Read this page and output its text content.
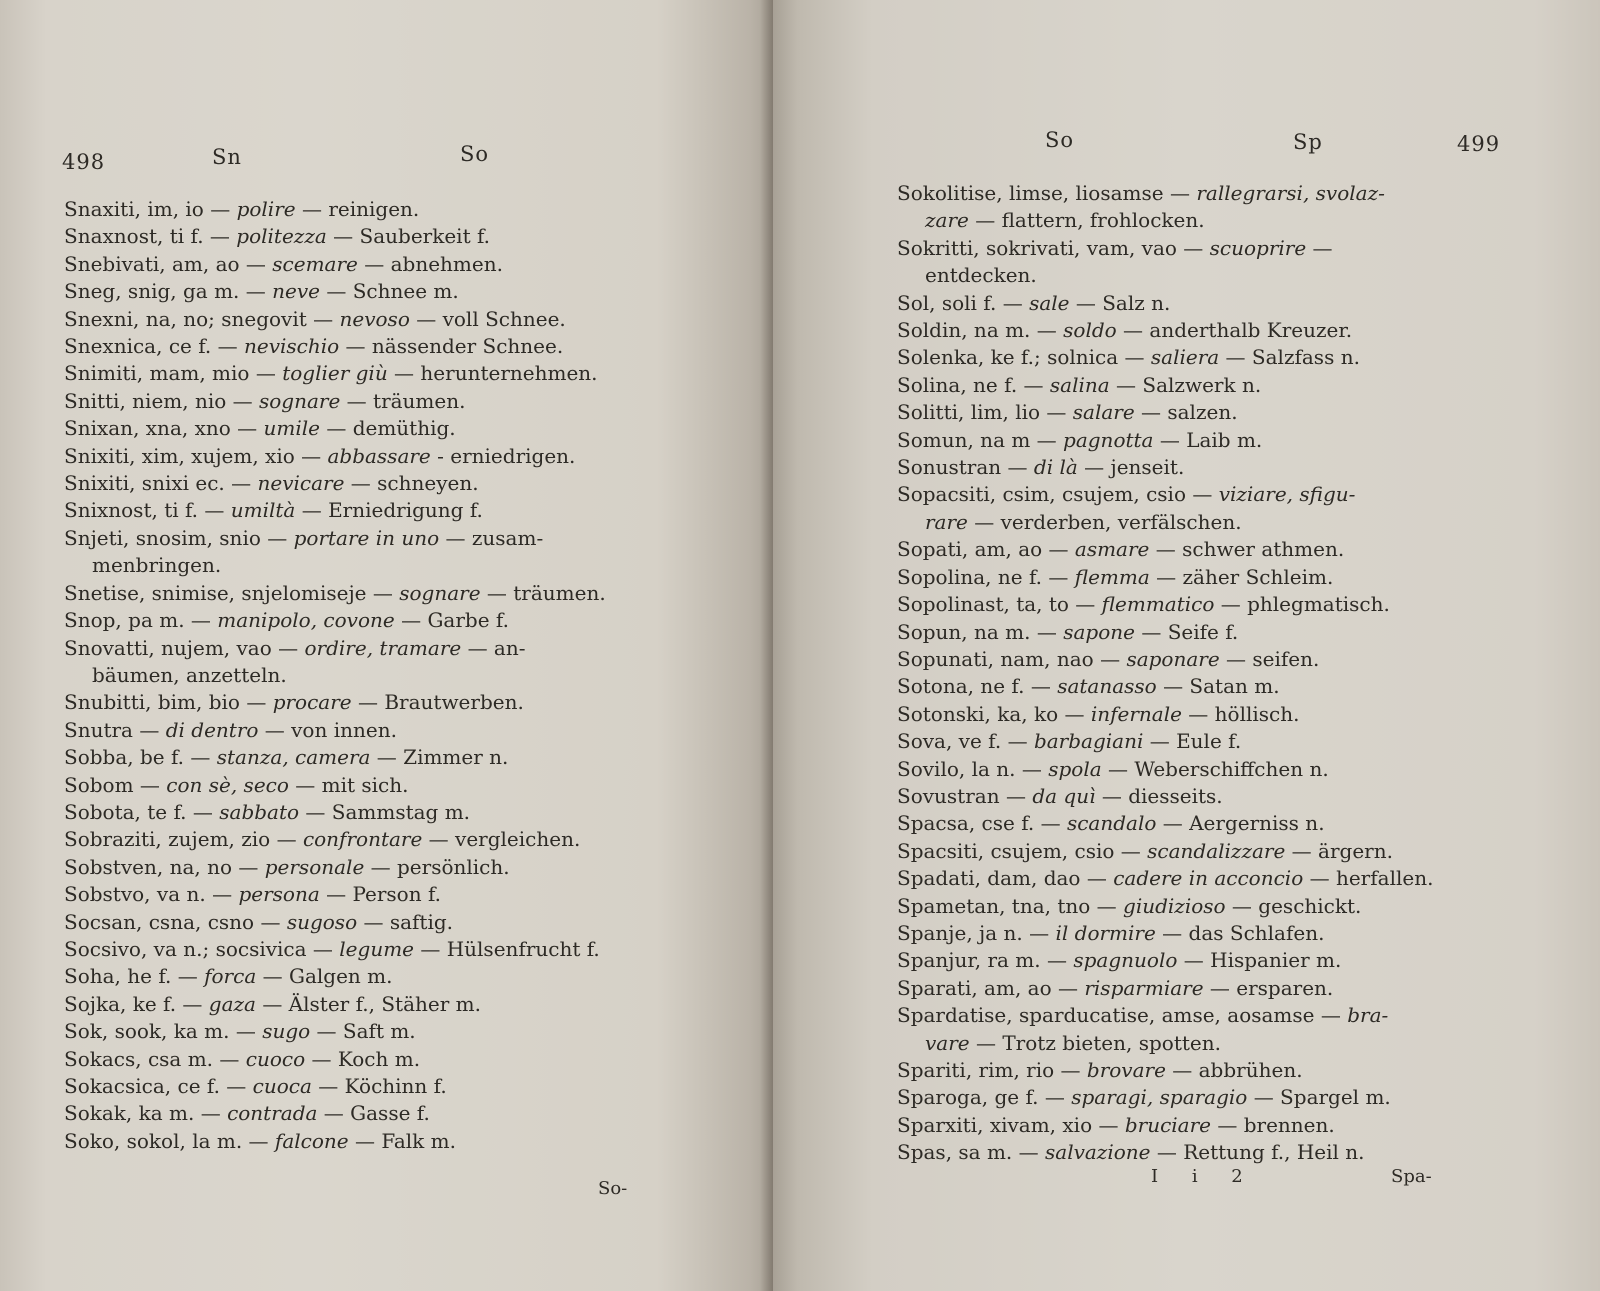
498	Sn	So
Snaxiti, im, io — polire — reinigen.
Snaxnost, ti f. — politezza — Sauberkeit f.
Snebivati, am, ao — scemare — abnehmen.
Sneg, snig, ga m. — neve — Schnee m.
Snexni, na, no; snegovit — nevoso — voll Schnee.
Snexnica, ce f. — nevischio — nässender Schnee.
Snimiti, mam, mio — toglier giù — herunternehmen.
Snitti, niem, nio — sognare — träumen.
Snixan, xna, xno — umile — demüthig.
Snixiti, xim, xujem, xio — abbassare - erniedrigen.
Snixiti, snixi ec. — nevicare — schneyen.
Snixnost, ti f. — umiltà — Erniedrigung f.
Snjeti, snosim, snio — portare in uno — zusam-
menbringen.
Snetise, snimise, snjelomiseje — sognare — träumen.
Snop, pa m. — manipolo, covone — Garbe f.
Snovatti, nujem, vao — ordire, tramare — an-
bäumen, anzetteln.
Snubitti, bim, bio — procare — Brautwerben.
Snutra — di dentro — von innen.
Sobba, be f. — stanza, camera — Zimmer n.
Sobom — con sè, seco — mit sich.
Sobota, te f. — sabbato — Sammstag m.
Sobraziti, zujem, zio — confrontare — vergleichen.
Sobstven, na, no — personale — persönlich.
Sobstvo, va n. — persona — Person f.
Socsan, csna, csno — sugoso — saftig.
Socsivo, va n.; socsivica — legume — Hülsenfrucht f.
Soha, he f. — forca — Galgen m.
Sojka, ke f. — gaza — Älster f., Stäher m.
Sok, sook, ka m. — sugo — Saft m.
Sokacs, csa m. — cuoco — Koch m.
Sokacsica, ce f. — cuoca — Köchinn f.
Sokak, ka m. — contrada — Gasse f.
Soko, sokol, la m. — falcone — Falk m.
So-
So	Sp	499
Sokolitise, limse, liosamse — rallegrarsi, svolaz-
zare — flattern, frohlocken.
Sokritti, sokrivati, vam, vao — scuoprire —
entdecken.
Sol, soli f. — sale — Salz n.
Soldin, na m. — soldo — anderthalb Kreuzer.
Solenka, ke f.; solnica — saliera — Salzfass n.
Solina, ne f. — salina — Salzwerk n.
Solitti, lim, lio — salare — salzen.
Somun, na m — pagnotta — Laib m.
Sonustran — di là — jenseit.
Sopacsiti, csim, csujem, csio — viziare, sfigu-
rare — verderben, verfälschen.
Sopati, am, ao — asmare — schwer athmen.
Sopolina, ne f. — flemma — zäher Schleim.
Sopolinast, ta, to — flemmatico — phlegmatisch.
Sopun, na m. — sapone — Seife f.
Sopunati, nam, nao — saponare — seifen.
Sotona, ne f. — satanasso — Satan m.
Sotonski, ka, ko — infernale — höllisch.
Sova, ve f. — barbagiani — Eule f.
Sovilo, la n. — spola — Weberschiffchen n.
Sovustran — da quì — diesseits.
Spacsa, cse f. — scandalo — Aergerniss n.
Spacsiti, csujem, csio — scandalizzare — ärgern.
Spadati, dam, dao — cadere in acconcio — herfallen.
Spametan, tna, tno — giudizioso — geschickt.
Spanje, ja n. — il dormire — das Schlafen.
Spanjur, ra m. — spagnuolo — Hispanier m.
Sparati, am, ao — risparmiare — ersparen.
Spardatise, sparducatise, amse, aosamse — bra-
vare — Trotz bieten, spotten.
Spariti, rim, rio — brovare — abbrühen.
Sparoga, ge f. — sparagi, sparagio — Spargel m.
Sparxiti, xivam, xio — bruciare — brennen.
Spas, sa m. — salvazione — Rettung f., Heil n.
I i 2	Spa-
